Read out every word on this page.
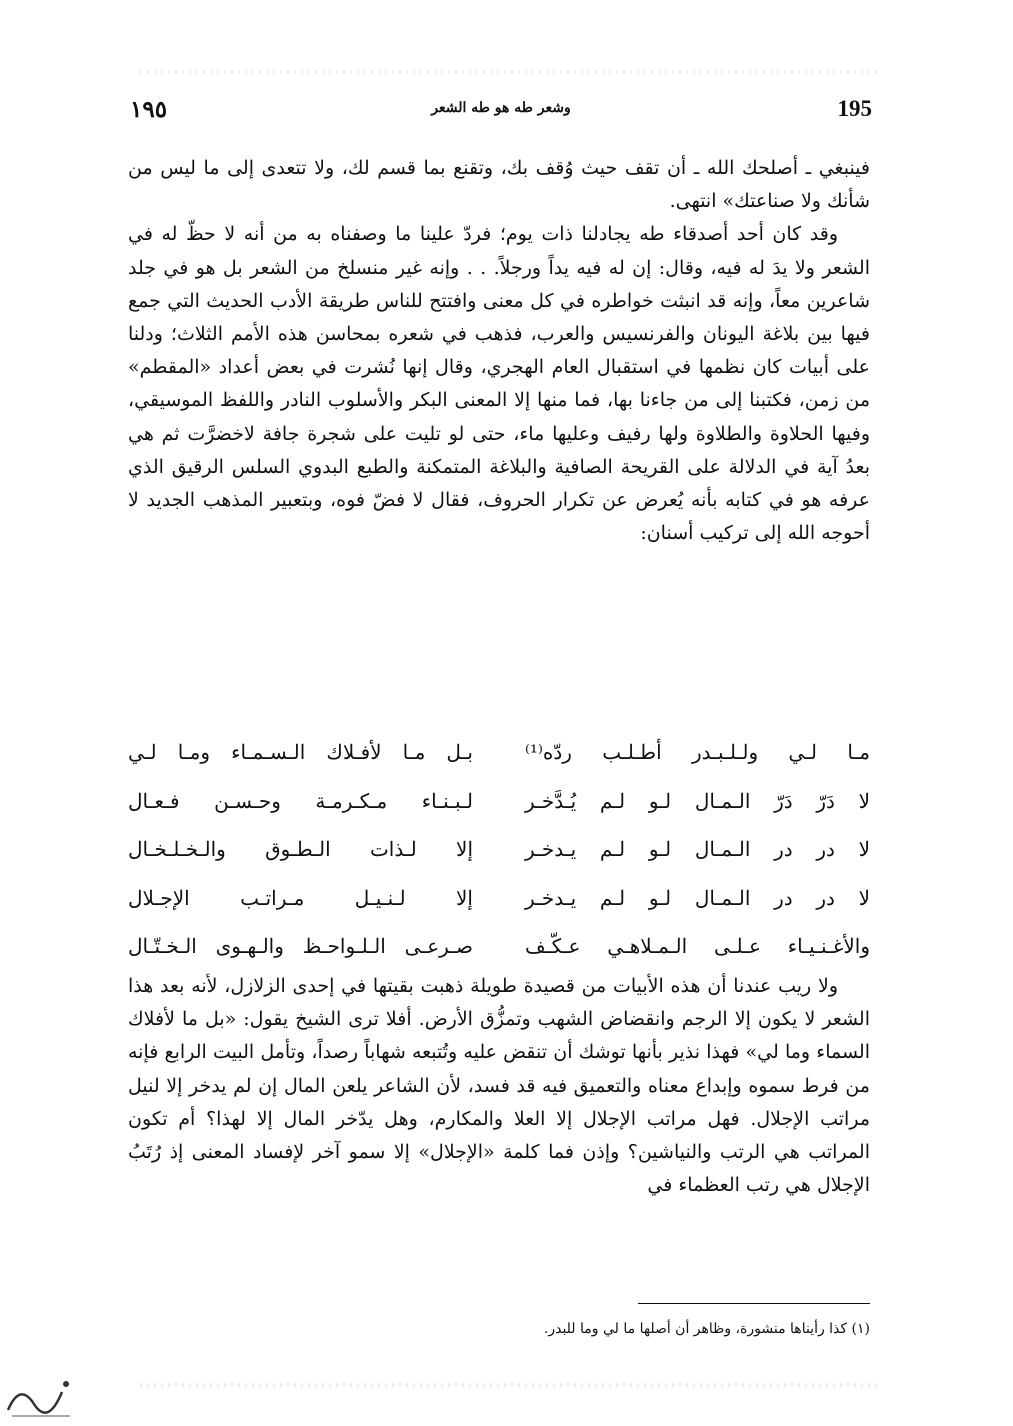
195
وشعر طه هو طه الشعر
١٩٥

فينبغي ـ أصلحك الله ـ أن تقف حيث وُقف بك، وتقنع بما قسم لك، ولا تتعدى إلى ما ليس من شأنك ولا صناعتك» انتهى.

وقد كان أحد أصدقاء طه يجادلنا ذات يوم؛ فردّ علينا ما وصفناه به من أنه لا حظّ له في الشعر ولا يدَ له فيه، وقال: إن له فيه يداً ورجلاً. . . وإنه غير منسلخ من الشعر بل هو في جلد شاعرين معاً، وإنه قد انبثت خواطره في كل معنى وافتتح للناس طريقة الأدب الحديث التي جمع فيها بين بلاغة اليونان والفرنسيس والعرب، فذهب في شعره بمحاسن هذه الأمم الثلاث؛ ودلنا على أبيات كان نظمها في استقبال العام الهجري، وقال إنها نُشرت في بعض أعداد «المقطم» من زمن، فكتبنا إلى من جاءنا بها، فما منها إلا المعنى البكر والأسلوب النادر واللفظ الموسيقي، وفيها الحلاوة والطلاوة ولها رفيف وعليها ماء، حتى لو تليت على شجرة جافة لاخضرَّت ثم هي بعدُ آية في الدلالة على القريحة الصافية والبلاغة المتمكنة والطبع البدوي السلس الرقيق الذي عرفه هو في كتابه بأنه يُعرض عن تكرار الحروف، فقال لا فضّ فوه، وبتعبير المذهب الجديد لا أحوجه الله إلى تركيب أسنان:

مـا لـي ولـلـبـدر أطـلـب ردّه⁽¹⁾
بـل مـا لأفـلاك الـسـمـاء ومـا لـي
لا دَرّ دَرّ الـمـال لـو لـم يُـدَّخـر
لـبـنـاء مـكـرمـة وحـسـن فـعـال
لا در در الـمـال لـو لـم يـدخـر
إلا لـذات الـطـوق والـخـلـخـال
لا در در الـمـال لـو لـم يـدخـر
إلا لـنـيـل مـراتـب الإجـلال
والأغـنـيـاء عـلـى الـمـلاهـي عـكّـف
صـرعـى الـلـواحـظ والـهـوى الـخـتّـال

ولا ريب عندنا أن هذه الأبيات من قصيدة طويلة ذهبت بقيتها في إحدى الزلازل، لأنه بعد هذا الشعر لا يكون إلا الرجم وانقضاض الشهب وتمزُّق الأرض. أفلا ترى الشيخ يقول: «بل ما لأفلاك السماء وما لي» فهذا نذير بأنها توشك أن تنقض عليه وتُتبعه شهاباً رصداً، وتأمل البيت الرابع فإنه من فرط سموه وإبداع معناه والتعميق فيه قد فسد، لأن الشاعر يلعن المال إن لم يدخر إلا لنيل مراتب الإجلال. فهل مراتب الإجلال إلا العلا والمكارم، وهل يدّخر المال إلا لهذا؟ أم تكون المراتب هي الرتب والنياشين؟ وإذن فما كلمة «الإجلال» إلا سمو آخر لإفساد المعنى إذ رُتَبُ الإجلال هي رتب العظماء في

(١) كذا رأيناها منشورة، وظاهر أن أصلها ما لي وما للبدر.
